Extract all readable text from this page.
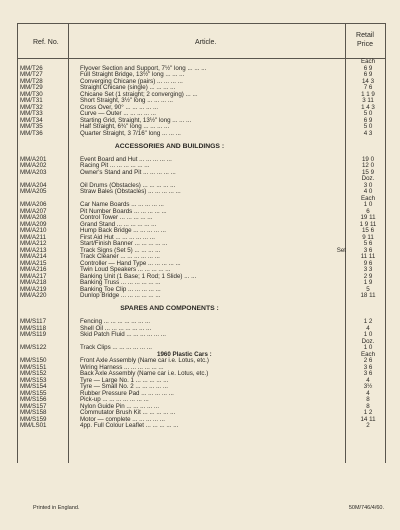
Ref. No.	Article.
Retail Price
Each
MM/T26	Flyover Section and Support, 7½" long ... ... ...	6 9
MM/T27	Full Straight Bridge, 13½" long ... ... ...	6 9
MM/T28	Converging Chicane (pairs) ... ... ... ...	14 3
MM/T29	Straight Chicane (single) ... ... ... ...	7 6
MM/T30	Chicane Set (1 straight; 2 converging) ... ...	1 1 9
MM/T31	Short Straight, 3½" long ... ... ... ...	3 11
MM/T32	Cross Over, 90° ... ... ... ... ...	1 4 3
MM/T33	Curve — Outer ... ... ... ... ...	5 0
MM/T34	Starting Grid, Straight, 13½" long ... ... ...	6 9
MM/T35	Half Straight, 6¾" long ... ... ... ...	5 0
MM/T36	Quarter Straight, 3 7/16" long ... ... ...	4 3
ACCESSORIES AND BUILDINGS :
MM/A201	Event Board and Hut ... ... ... ... ...	19 0
MM/A202	Racing Pit ... ... ... ... ... ...	12 0
MM/A203	Owner's Stand and Pit ... ... ... ... ...	15 9
Doz.
MM/A204	Oil Drums (Obstacles) ... ... ... ... ...	3 0
MM/A205	Straw Bales (Obstacles) ... ... ... ... ...	4 0
Each
MM/A206	Car Name Boards ... ... ... ... ...	1 0
MM/A207	Pit Number Boards ... ... ... ... ...	6
MM/A208	Control Tower ... ... ... ... ...	19 11
MM/A209	Grand Stand ... ... ... ... ... ...	1 9 11
MM/A210	Hump Back Bridge ... ... ... ... ...	15 6
MM/A211	First Aid Hut ... ... ... ... ... ...	9 11
MM/A212	Start/Finish Banner ... ... ... ... ...	5 6
MM/A213	Track Signs (Set 5) ... ... ... ...	Set	3 6
MM/A214	Track Cleaner ... ... ... ... ... ...	11 11
MM/A215	Controller — Hand Type ... ... ... ... ...	9 6
MM/A216	Twin Loud Speakers ... ... ... ... ...	3 3
MM/A217	Banking Unit (1 Base; 1 Rod; 1 Slide) ... ...	2 9
MM/A218	Banking Truss ... ... ... ... ... ...	1 9
MM/A219	Banking Toe Clip ... ... ... ... ...	5
MM/A220	Dunlop Bridge ... ... ... ... ... ...	18 11
SPARES AND COMPONENTS :
MM/S117	Fencing ... ... ... ... ... ... ...	1 2
MM/S118	Shell Oil ... ... ... ... ... ... ...	4
MM/S119	Skid Patch Fluid ... ... ... ... ... ...	1 0
Doz.
MM/S122	Track Clips ... ... ... ... ... ...	1 0
1960 Plastic Cars :	Each
MM/S150	Front Axle Assembly (Name car i.e. Lotus, etc.)	2 6
MM/S151	Wiring Harness ... ... ... ... ... ...	3 6
MM/S152	Back Axle Assembly (Name car i.e. Lotus, etc.)	3 6
MM/S153	Tyre — Large No. 1 ... ... ... ... ...	4
MM/S154	Tyre — Small No. 2 ... ... ... ... ...	3½
MM/S155	Rubber Pressure Pad ... ... ... ... ...	4
MM/S156	Pick-up ... ... ... ... ... ... ...	8
MM/S157	Nylon Guide Pin ... ... ... ... ...	8
MM/S158	Commutator Brush Kit ... ... ... ... ...	1 2
MM/S159	Motor — complete ... ... ... ... ...	14 11
MM/LS01	4pp. Full Colour Leaflet ... ... ... ... ...	2
Printed in England.	50M/746/4/60.
